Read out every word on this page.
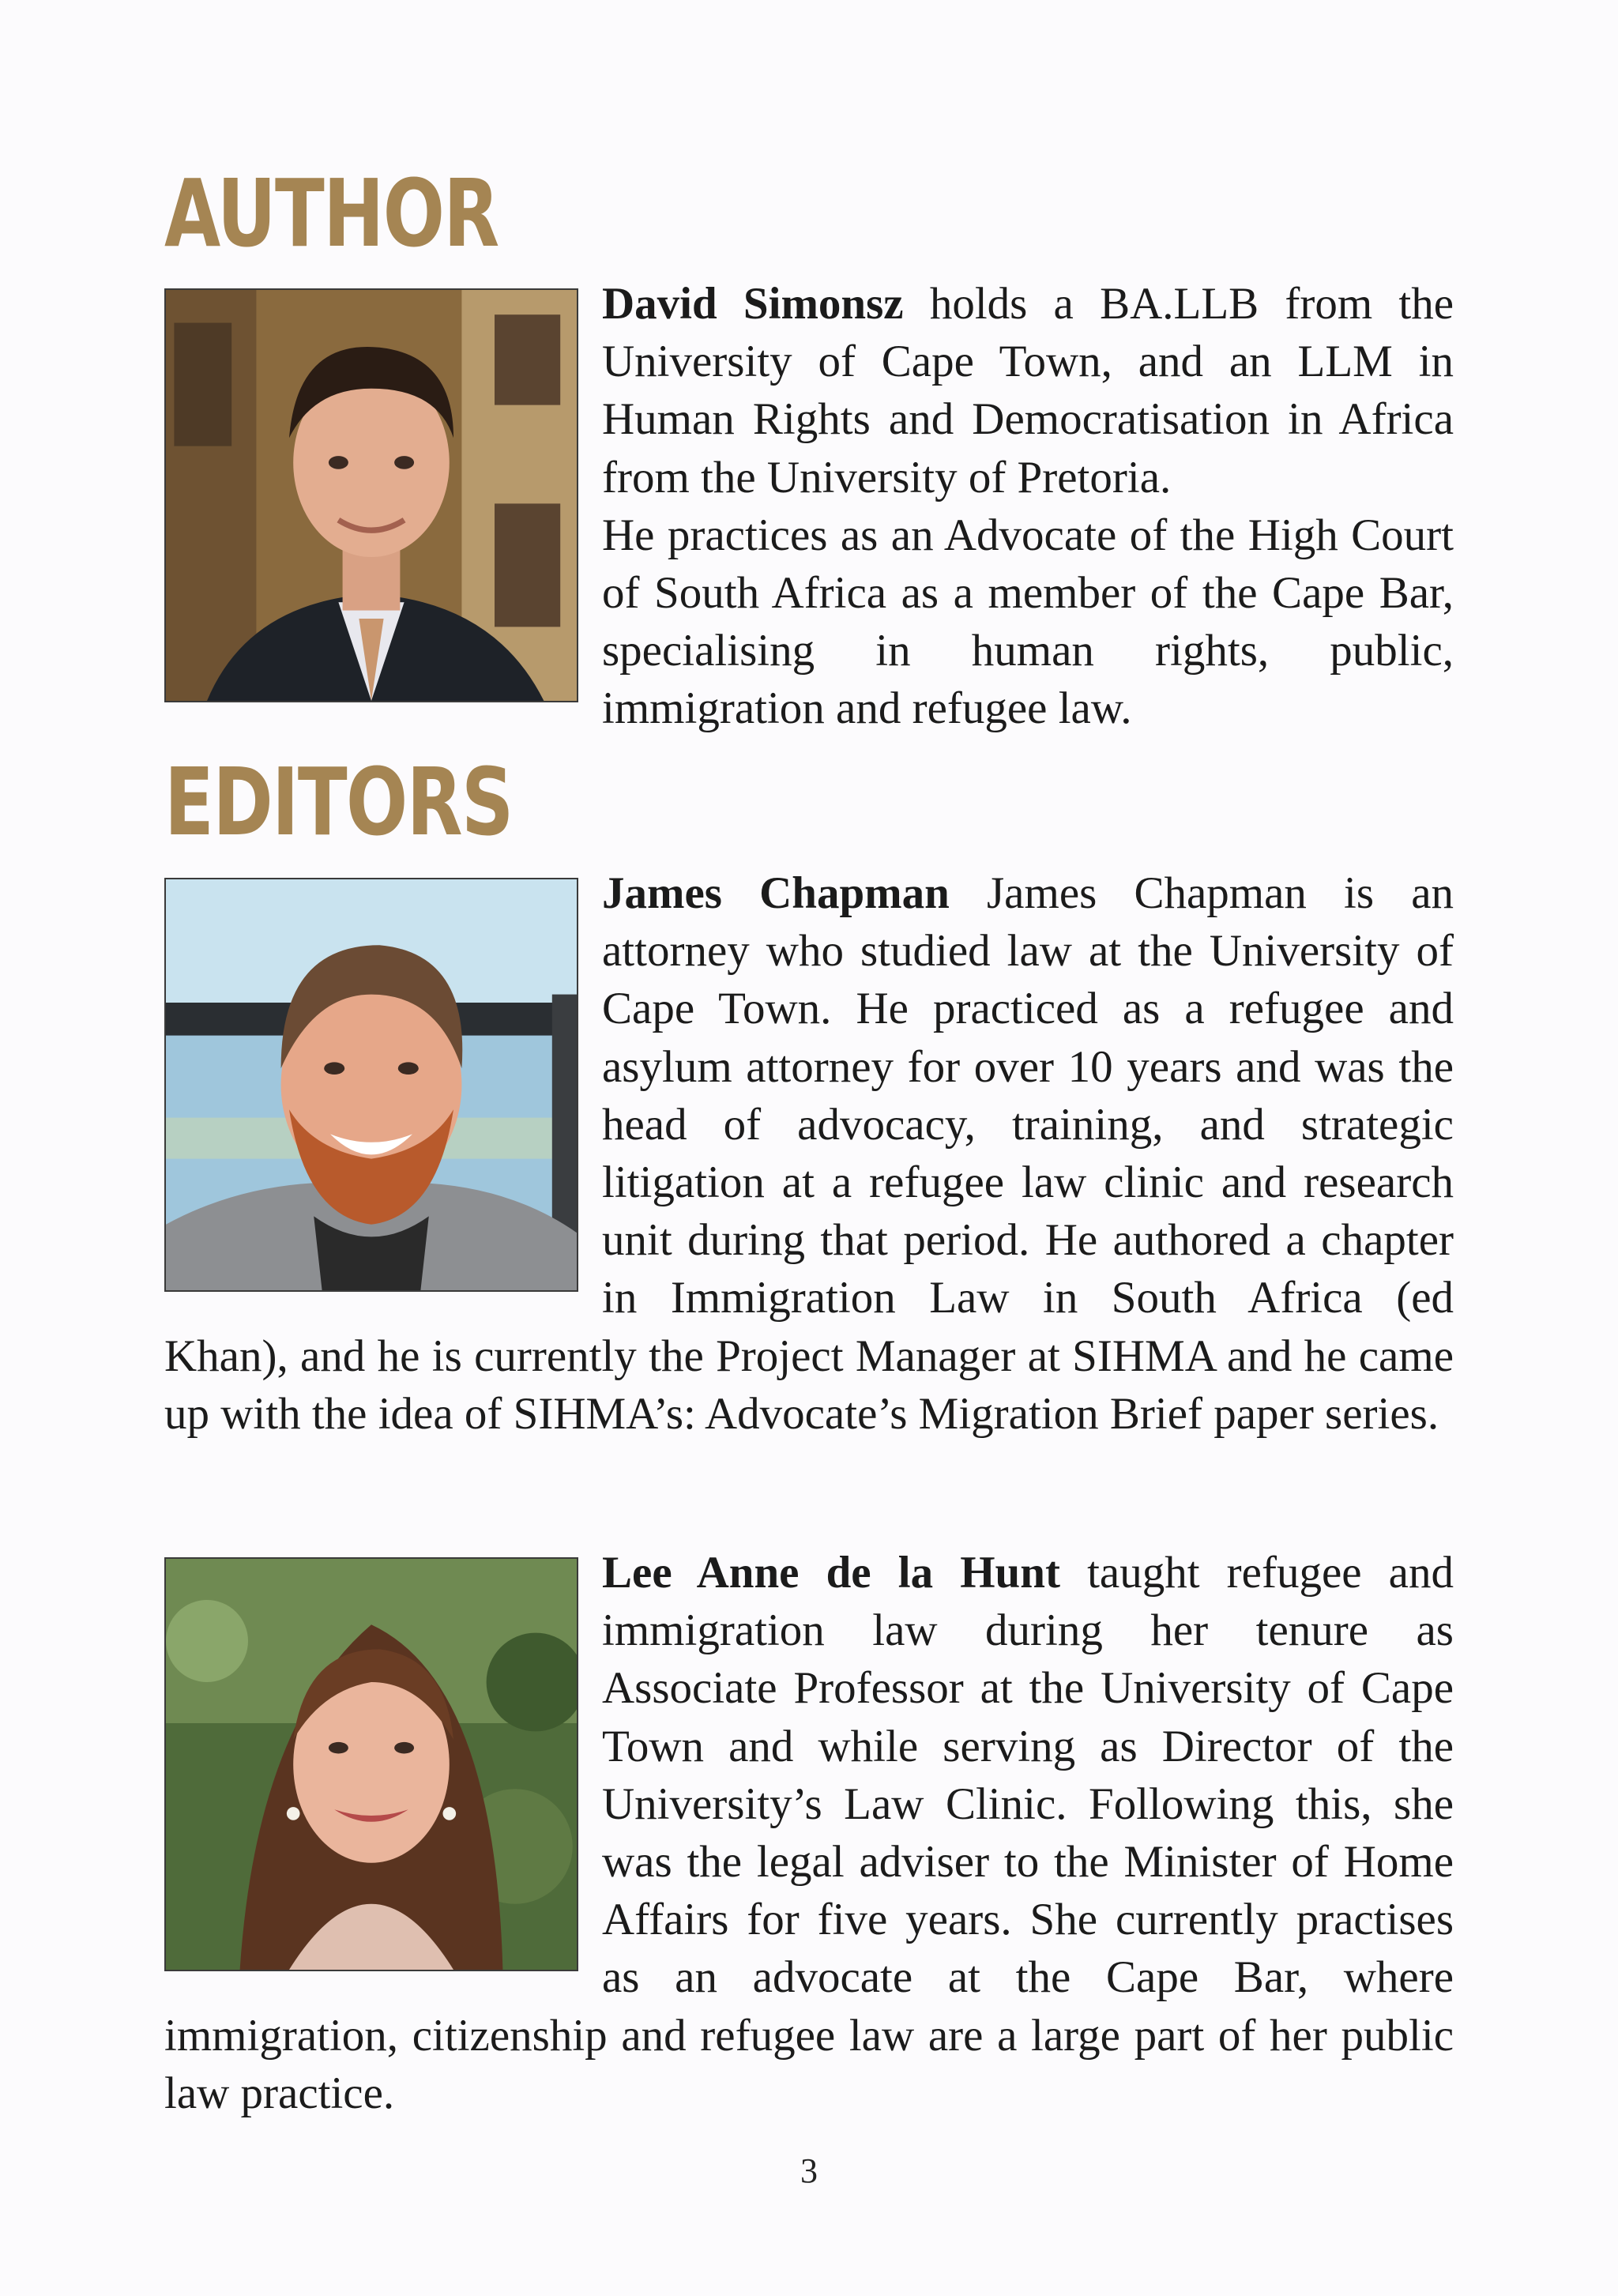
AUTHOR

David Simonsz holds a BA.LLB from the University of Cape Town, and an LLM in Human Rights and Democratisation in Africa from the University of Pretoria.
He practices as an Advocate of the High Court of South Africa as a member of the Cape Bar, specialising in human rights, public, immigration and refugee law.

EDITORS

James Chapman James Chapman is an attorney who studied law at the University of Cape Town. He practiced as a refugee and asylum attorney for over 10 years and was the head of advocacy, training, and strategic litigation at a refugee law clinic and research unit during that period. He authored a chapter in Immigration Law in South Africa (ed Khan), and he is currently the Project Manager at SIHMA and he came up with the idea of SIHMA’s: Advocate’s Migration Brief paper series.

Lee Anne de la Hunt taught refugee and immigration law during her tenure as Associate Professor at the University of Cape Town and while serving as Director of the University’s Law Clinic. Following this, she was the legal adviser to the Minister of Home Affairs for five years. She currently practises as an advocate at the Cape Bar, where immigration, citizenship and refugee law are a large part of her public law practice.

3
